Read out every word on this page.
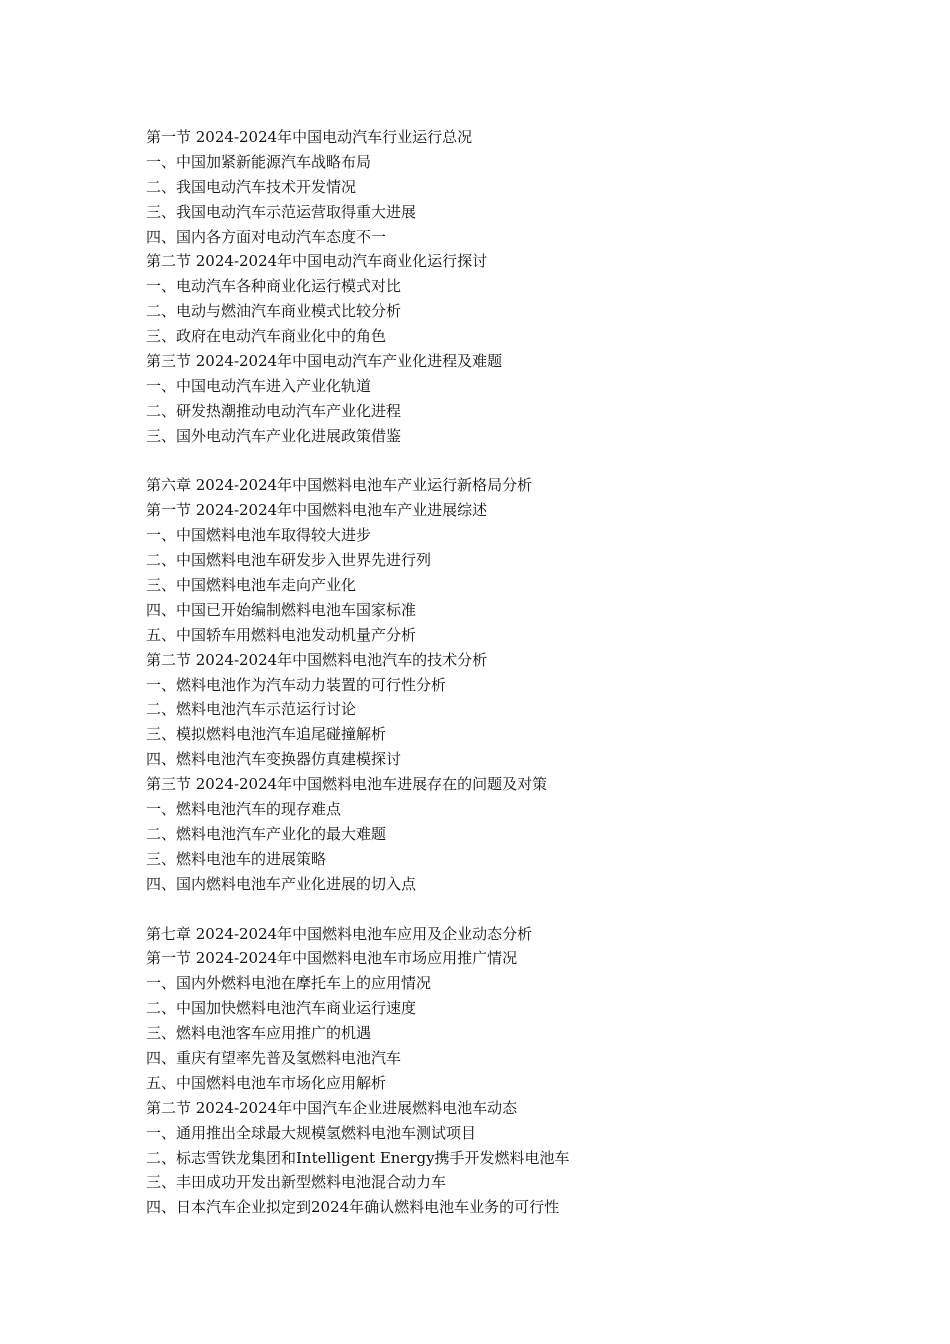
第一节 2024-2024年中国电动汽车行业运行总况
一、中国加紧新能源汽车战略布局
二、我国电动汽车技术开发情况
三、我国电动汽车示范运营取得重大进展
四、国内各方面对电动汽车态度不一
第二节 2024-2024年中国电动汽车商业化运行探讨
一、电动汽车各种商业化运行模式对比
二、电动与燃油汽车商业模式比较分析
三、政府在电动汽车商业化中的角色
第三节 2024-2024年中国电动汽车产业化进程及难题
一、中国电动汽车进入产业化轨道
二、研发热潮推动电动汽车产业化进程
三、国外电动汽车产业化进展政策借鉴
第六章 2024-2024年中国燃料电池车产业运行新格局分析
第一节 2024-2024年中国燃料电池车产业进展综述
一、中国燃料电池车取得较大进步
二、中国燃料电池车研发步入世界先进行列
三、中国燃料电池车走向产业化
四、中国已开始编制燃料电池车国家标准
五、中国轿车用燃料电池发动机量产分析
第二节 2024-2024年中国燃料电池汽车的技术分析
一、燃料电池作为汽车动力装置的可行性分析
二、燃料电池汽车示范运行讨论
三、模拟燃料电池汽车追尾碰撞解析
四、燃料电池汽车变换器仿真建模探讨
第三节 2024-2024年中国燃料电池车进展存在的问题及对策
一、燃料电池汽车的现存难点
二、燃料电池汽车产业化的最大难题
三、燃料电池车的进展策略
四、国内燃料电池车产业化进展的切入点
第七章 2024-2024年中国燃料电池车应用及企业动态分析
第一节 2024-2024年中国燃料电池车市场应用推广情况
一、国内外燃料电池在摩托车上的应用情况
二、中国加快燃料电池汽车商业运行速度
三、燃料电池客车应用推广的机遇
四、重庆有望率先普及氢燃料电池汽车
五、中国燃料电池车市场化应用解析
第二节 2024-2024年中国汽车企业进展燃料电池车动态
一、通用推出全球最大规模氢燃料电池车测试项目
二、标志雪铁龙集团和Intelligent Energy携手开发燃料电池车
三、丰田成功开发出新型燃料电池混合动力车
四、日本汽车企业拟定到2024年确认燃料电池车业务的可行性
